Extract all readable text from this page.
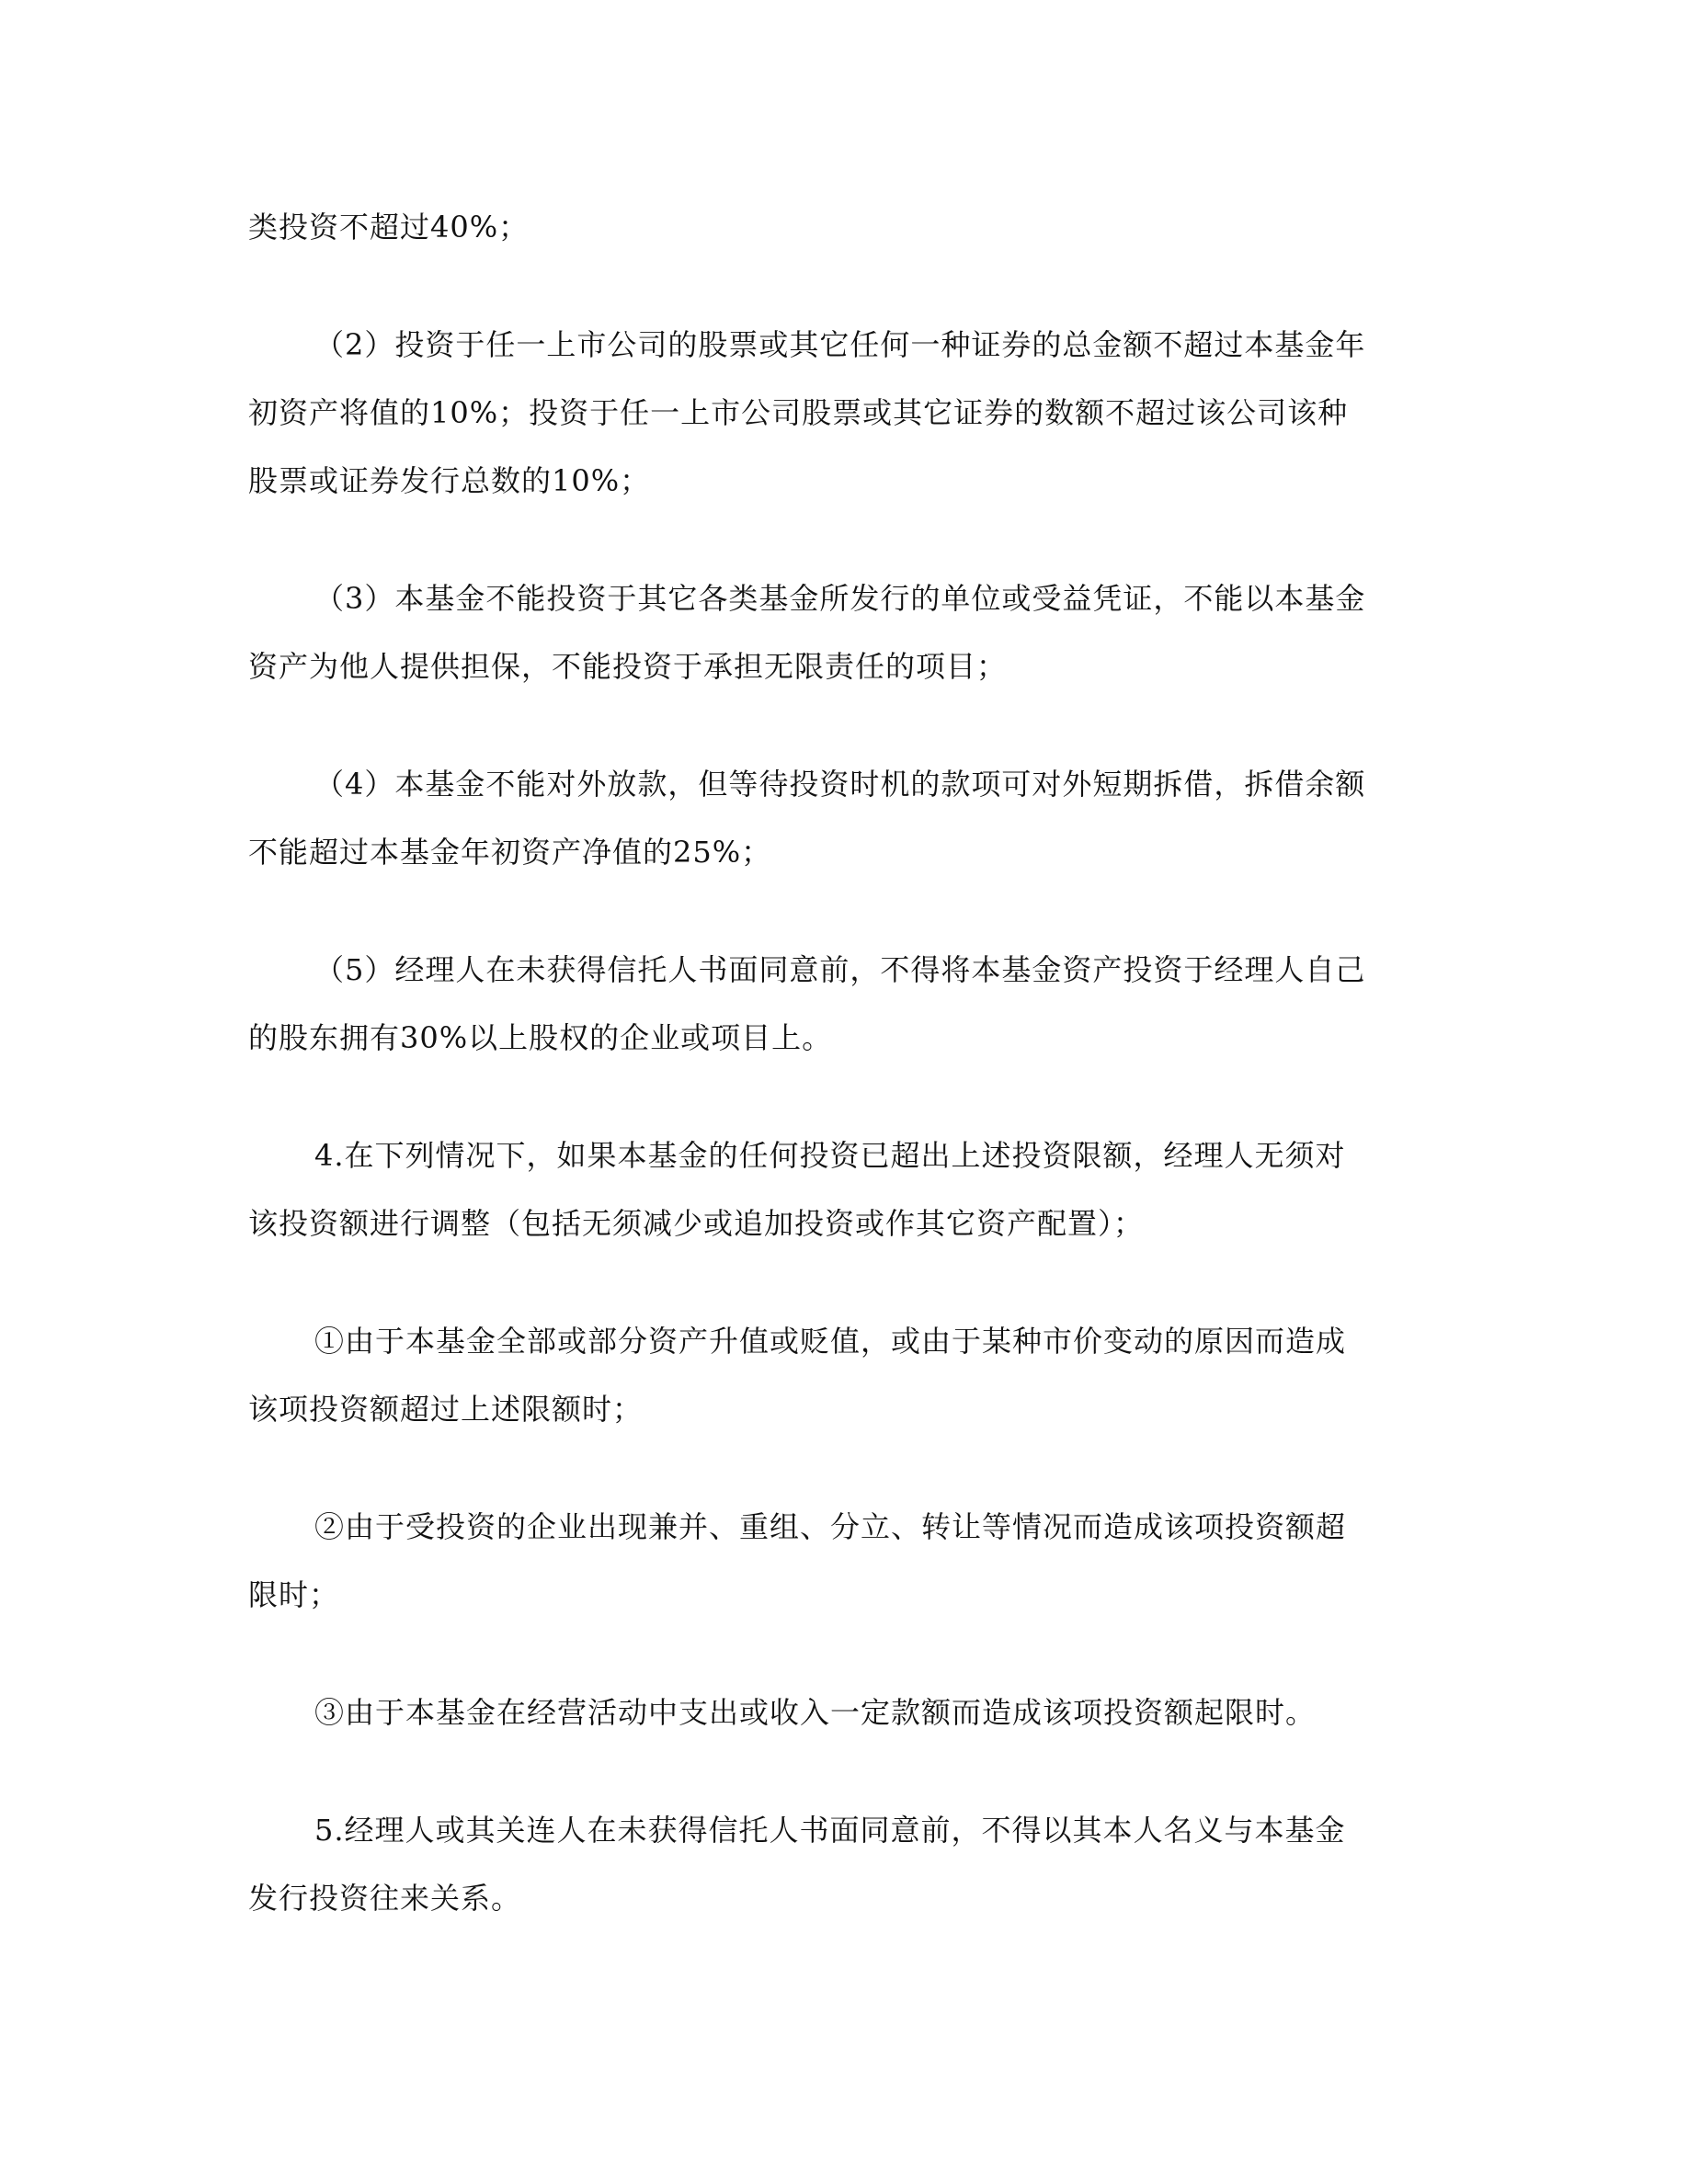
类投资不超过40%；

（2）投资于任一上市公司的股票或其它任何一种证券的总金额不超过本基金年
初资产将值的10%；投资于任一上市公司股票或其它证券的数额不超过该公司该种
股票或证券发行总数的10%；

（3）本基金不能投资于其它各类基金所发行的单位或受益凭证，不能以本基金
资产为他人提供担保，不能投资于承担无限责任的项目；

（4）本基金不能对外放款，但等待投资时机的款项可对外短期拆借，拆借余额
不能超过本基金年初资产净值的25%；

（5）经理人在未获得信托人书面同意前，不得将本基金资产投资于经理人自己
的股东拥有30%以上股权的企业或项目上。

4.在下列情况下，如果本基金的任何投资已超出上述投资限额，经理人无须对
该投资额进行调整（包括无须减少或追加投资或作其它资产配置）；

①由于本基金全部或部分资产升值或贬值，或由于某种市价变动的原因而造成
该项投资额超过上述限额时；

②由于受投资的企业出现兼并、重组、分立、转让等情况而造成该项投资额超
限时；

③由于本基金在经营活动中支出或收入一定款额而造成该项投资额起限时。

5.经理人或其关连人在未获得信托人书面同意前，不得以其本人名义与本基金
发行投资往来关系。
